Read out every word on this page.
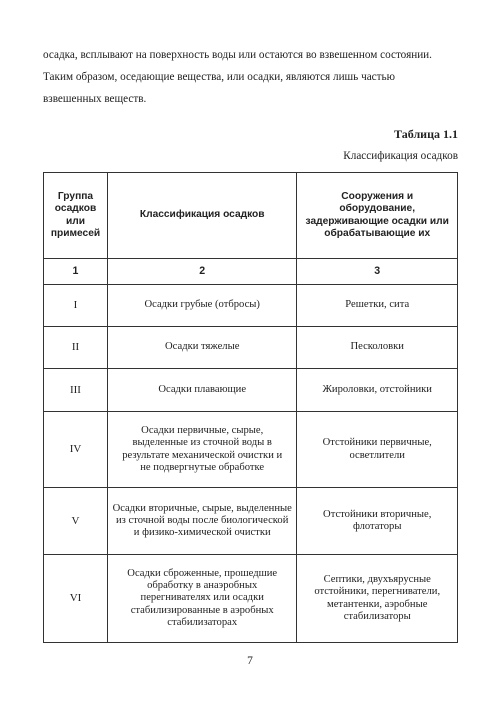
осадка, всплывают на поверхность воды или остаются во взвешенном состоянии.

Таким образом, оседающие вещества, или осадки, являются лишь частью

взвешенных веществ.

Таблица 1.1
Классификация осадков
Группа осадков или примесей	Классификация осадков	Сооружения и оборудование, задерживающие осадки или обрабатывающие их
1	2	3
I	Осадки грубые (отбросы)	Решетки, сита
II	Осадки тяжелые	Песколовки
III	Осадки плавающие	Жироловки, отстойники
IV	Осадки первичные, сырые, выделенные из сточной воды в результате механической очистки и не подвергнутые обработке	Отстойники первичные, осветлители
V	Осадки вторичные, сырые, выделенные из сточной воды после биологической и физико-химической очистки	Отстойники вторичные, флотаторы
VI	Осадки сброженные, прошедшие обработку в анаэробных перегнивателях или осадки стабилизированные в аэробных стабилизаторах	Септики, двухъярусные отстойники, перегниватели, метантенки, аэробные стабилизаторы
7
